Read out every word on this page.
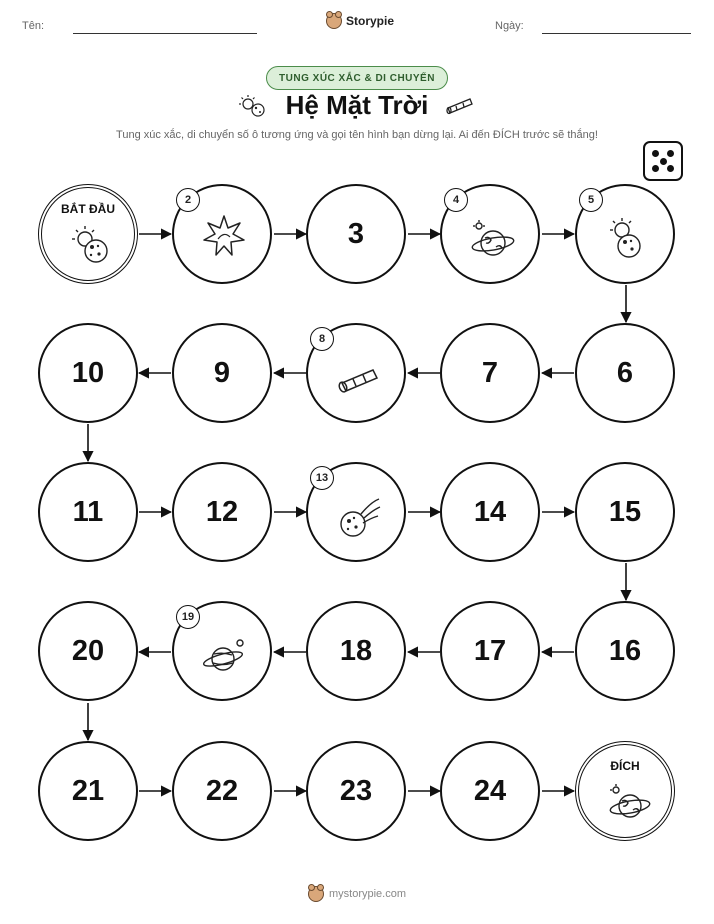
Tên:	Storypie	Ngày:
TUNG XÚC XẮC & DI CHUYỂN
Hệ Mặt Trời
Tung xúc xắc, di chuyển số ô tương ứng và gọi tên hình bạn dừng lại. Ai đến ĐÍCH trước sẽ thắng!
BẮT ĐẦU
2
3
4	5
6
7
8
9
10
11	12
13
14	15
16
17
18
19
20
21	22	23	24
ĐÍCH
mystorypie.com
